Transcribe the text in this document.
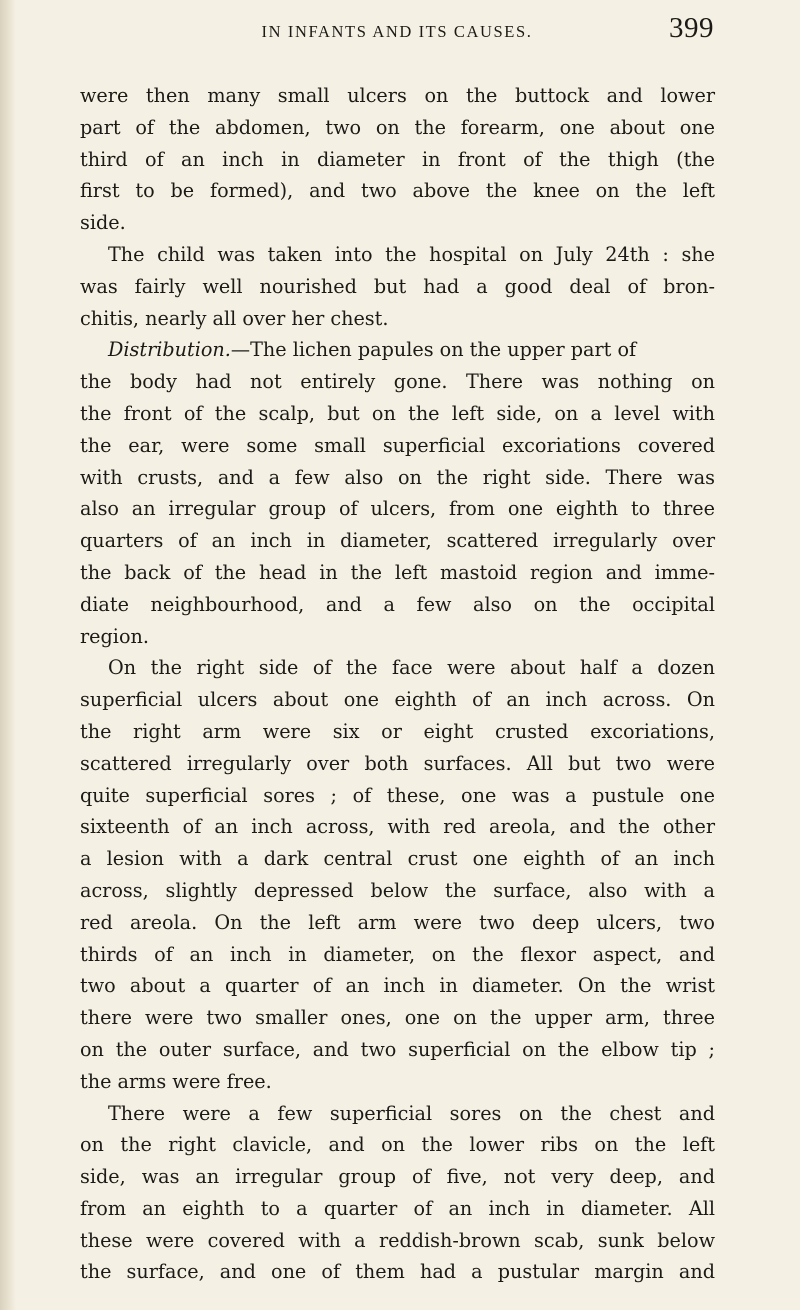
IN INFANTS AND ITS CAUSES.	399
were then many small ulcers on the buttock and lower
part of the abdomen, two on the forearm, one about one
third of an inch in diameter in front of the thigh (the
first to be formed), and two above the knee on the left
side.
The child was taken into the hospital on July 24th : she
was fairly well nourished but had a good deal of bron-
chitis, nearly all over her chest.
Distribution.—The lichen papules on the upper part of
the body had not entirely gone. There was nothing on
the front of the scalp, but on the left side, on a level with
the ear, were some small superficial excoriations covered
with crusts, and a few also on the right side. There was
also an irregular group of ulcers, from one eighth to three
quarters of an inch in diameter, scattered irregularly over
the back of the head in the left mastoid region and imme-
diate neighbourhood, and a few also on the occipital
region.
On the right side of the face were about half a dozen
superficial ulcers about one eighth of an inch across. On
the right arm were six or eight crusted excoriations,
scattered irregularly over both surfaces. All but two were
quite superficial sores ; of these, one was a pustule one
sixteenth of an inch across, with red areola, and the other
a lesion with a dark central crust one eighth of an inch
across, slightly depressed below the surface, also with a
red areola. On the left arm were two deep ulcers, two
thirds of an inch in diameter, on the flexor aspect, and
two about a quarter of an inch in diameter. On the wrist
there were two smaller ones, one on the upper arm, three
on the outer surface, and two superficial on the elbow tip ;
the arms were free.
There were a few superficial sores on the chest and
on the right clavicle, and on the lower ribs on the left
side, was an irregular group of five, not very deep, and
from an eighth to a quarter of an inch in diameter. All
these were covered with a reddish-brown scab, sunk below
the surface, and one of them had a pustular margin and
